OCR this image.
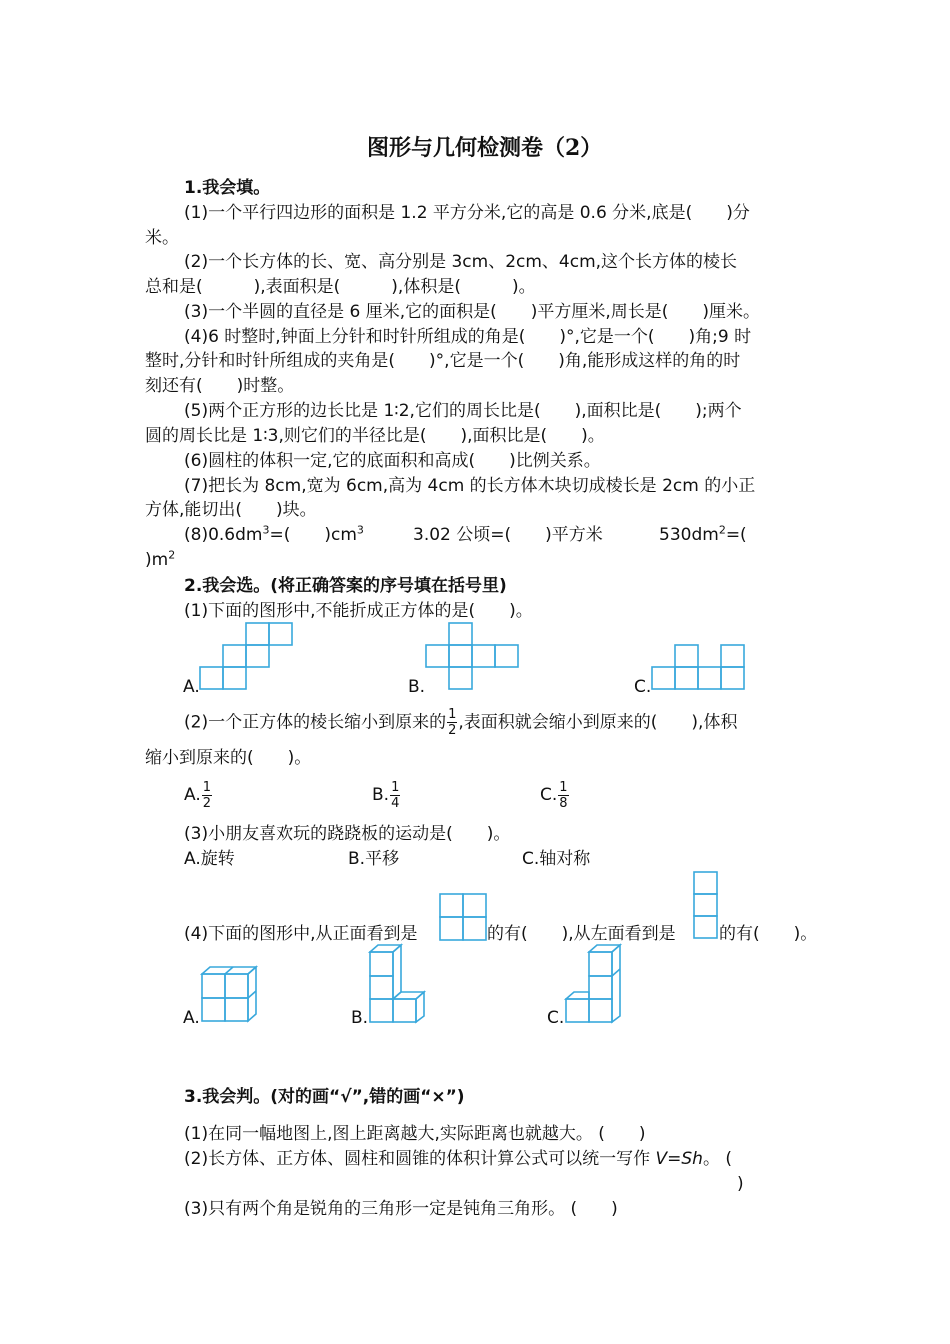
图形与几何检测卷（2）
1.我会填。
(1)一个平行四边形的面积是 1.2 平方分米,它的高是 0.6 分米,底是(　　)分
米。
(2)一个长方体的长、宽、高分别是 3cm、2cm、4cm,这个长方体的棱长
总和是(　　　),表面积是(　　　),体积是(　　　)。
(3)一个半圆的直径是 6 厘米,它的面积是(　　)平方厘米,周长是(　　)厘米。
(4)6 时整时,钟面上分针和时针所组成的角是(　　)°,它是一个(　　)角;9 时
整时,分针和时针所组成的夹角是(　　)°,它是一个(　　)角,能形成这样的角的时
刻还有(　　)时整。
(5)两个正方形的边长比是 1∶2,它们的周长比是(　　),面积比是(　　);两个
圆的周长比是 1∶3,则它们的半径比是(　　),面积比是(　　)。
(6)圆柱的体积一定,它的底面积和高成(　　)比例关系。
(7)把长为 8cm,宽为 6cm,高为 4cm 的长方体木块切成棱长是 2cm 的小正
方体,能切出(　　)块。
$(8)0.6dm^3=$(　　)$cm^3$	3.02 公顷=(　　)平方米	$530dm^2=$(
)$m^2$
2.我会选。(将正确答案的序号填在括号里)
(1)下面的图形中,不能折成正方体的是(　　)。
A.	B.	C.
(2)一个正方体的棱长缩小到原来的 $\frac{1}{2}$ ,表面积就会缩小到原来的(　　),体积
缩小到原来的(　　)。
A. $\frac{1}{2}$	B. $\frac{1}{4}$	C. $\frac{1}{8}$
(3)小朋友喜欢玩的跷跷板的运动是(　　)。
A.旋转	B.平移	C.轴对称
(4)下面的图形中,从正面看到是	的有(　　),从左面看到是	的有(　　)。
A.	B.	C.
3.我会判。(对的画“√”,错的画“×”)
(1)在同一幅地图上,图上距离越大,实际距离也就越大。 (　　)
(2)长方体、正方体、圆柱和圆锥的体积计算公式可以统一写作 V=Sh。 (
)
(3)只有两个角是锐角的三角形一定是钝角三角形。 (　　)
